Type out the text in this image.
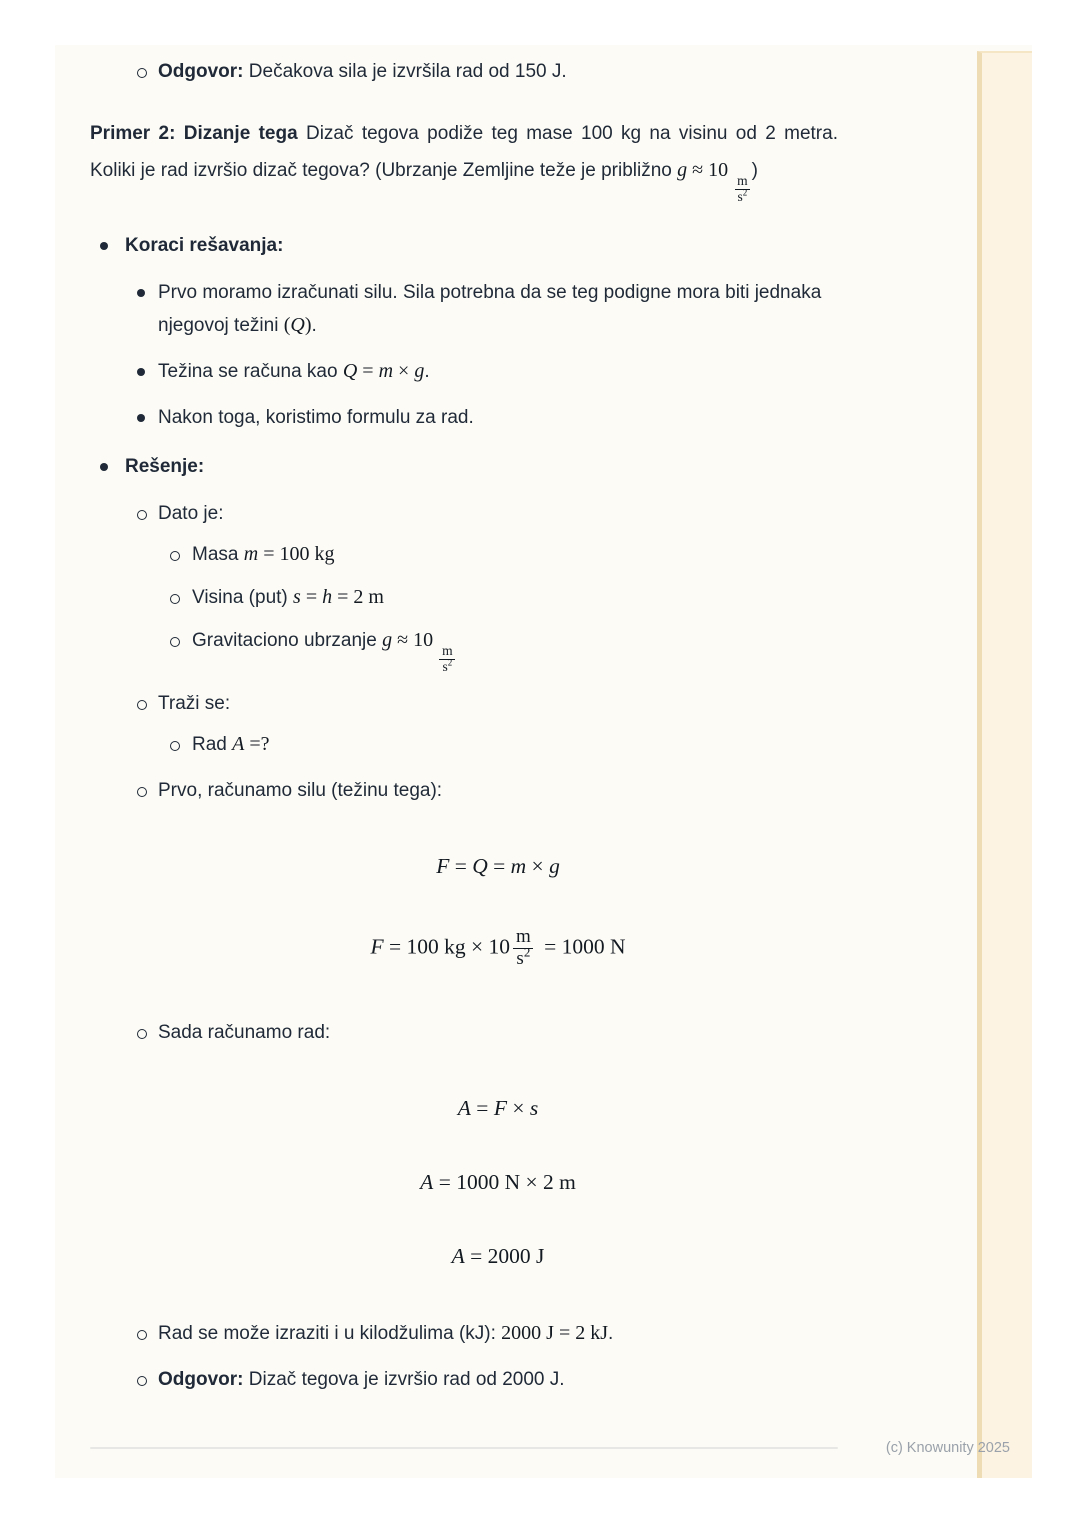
Odgovor: Dečakova sila je izvršila rad od 150 J.

Primer 2: Dizanje tega Dizač tegova podiže teg mase 100 kg na visinu od 2 metra. Koliki je rad izvršio dizač tegova? (Ubrzanje Zemljine teže je približno g ≈ 10
$\frac{m}{s^2}$
)

Koraci rešavanja:
Prvo moramo izračunati silu. Sila potrebna da se teg podigne mora biti jednaka njegovoj težini (Q).
Težina se računa kao Q = m × g.
Nakon toga, koristimo formulu za rad.
Rešenje:
Dato je:
Masa m = 100 kg
Visina (put) s = h = 2 m
Gravitaciono ubrzanje g ≈ 10
$\frac{m}{s^2}$
Traži se:
Rad A =?
Prvo, računamo silu (težinu tega):
F = Q = m × g
F = 100 kg × $10 \frac{m}{s^2} = 1000$ N
Sada računamo rad:
A = F × s
A = 1000 N × 2 m
A = 2000 J
Rad se može izraziti i u kilodžulima (kJ): 2000 J = 2 kJ.
Odgovor: Dizač tegova je izvršio rad od 2000 J.
(c) Knowunity 2025
